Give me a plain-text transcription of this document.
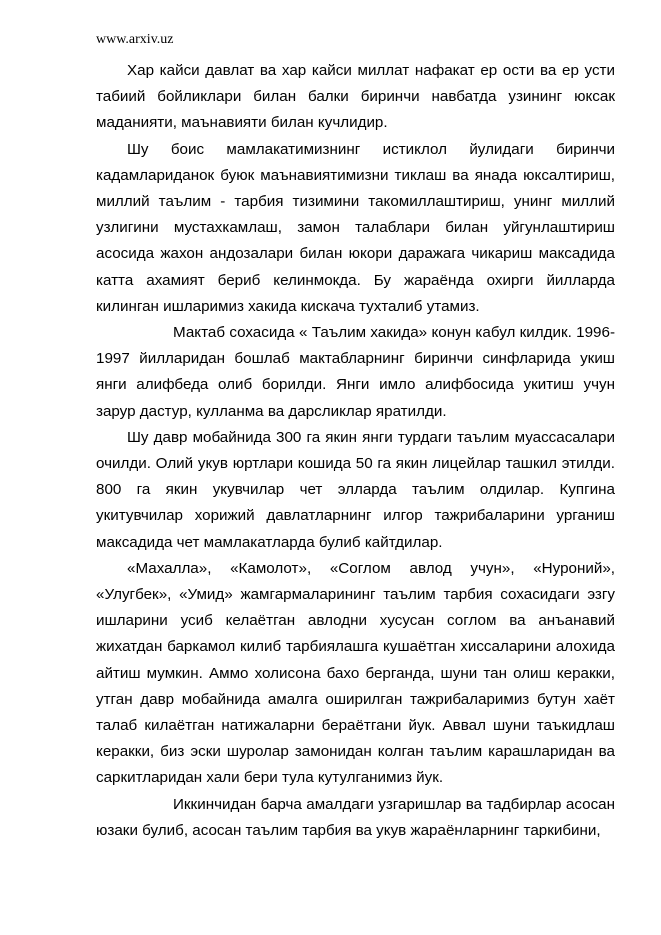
www.arxiv.uz

Хар кайси давлат ва хар кайси миллат нафакат ер ости ва ер усти табиий бойликлари билан балки биринчи навбатда узининг юксак маданияти, маънавияти билан кучлидир.

Шу боис мамлакатимизнинг истиклол йулидаги биринчи кадамлариданок буюк маънавиятимизни тиклаш ва янада юксалтириш, миллий таълим - тарбия тизимини такомиллаштириш, унинг миллий узлигини мустахкамлаш, замон талаблари билан уйгунлаштириш асосида жахон андозалари билан юкори даражага чикариш максадида катта ахамият бериб келинмокда. Бу жараёнда охирги йилларда килинган ишларимиз хакида кискача тухталиб утамиз.

Мактаб сохасида « Таълим хакида» конун кабул килдик. 1996-1997 йилларидан бошлаб мактабларнинг биринчи синфларида укиш янги алифбеда олиб борилди. Янги имло алифбосида укитиш учун зарур дастур, кулланма ва дарсликлар яратилди.

Шу давр мобайнида 300 га якин янги турдаги таълим муассасалари очилди. Олий укув юртлари кошида 50 га якин лицейлар ташкил этилди. 800 га якин укувчилар чет элларда таълим олдилар. Купгина укитувчилар хорижий давлатларнинг илгор тажрибаларини урганиш максадида чет мамлакатларда булиб кайтдилар.

«Махалла», «Камолот», «Соглом авлод учун», «Нуроний», «Улугбек», «Умид» жамгармаларининг таълим тарбия сохасидаги эзгу ишларини усиб келаётган авлодни хусусан соглом ва анъанавий жихатдан баркамол килиб тарбиялашга кушаётган хиссаларини алохида айтиш мумкин. Аммо холисона бахо берганда, шуни тан олиш керакки, утган давр мобайнида амалга оширилган тажрибаларимиз бутун хаёт талаб килаётган натижаларни бераётгани йук. Аввал шуни таъкидлаш керакки, биз эски шуролар замонидан колган таълим карашларидан ва саркитларидан хали бери тула кутулганимиз йук.

Иккинчидан барча амалдаги узгаришлар ва тадбирлар асосан юзаки булиб, асосан таълим тарбия ва укув жараёнларнинг таркибини,
